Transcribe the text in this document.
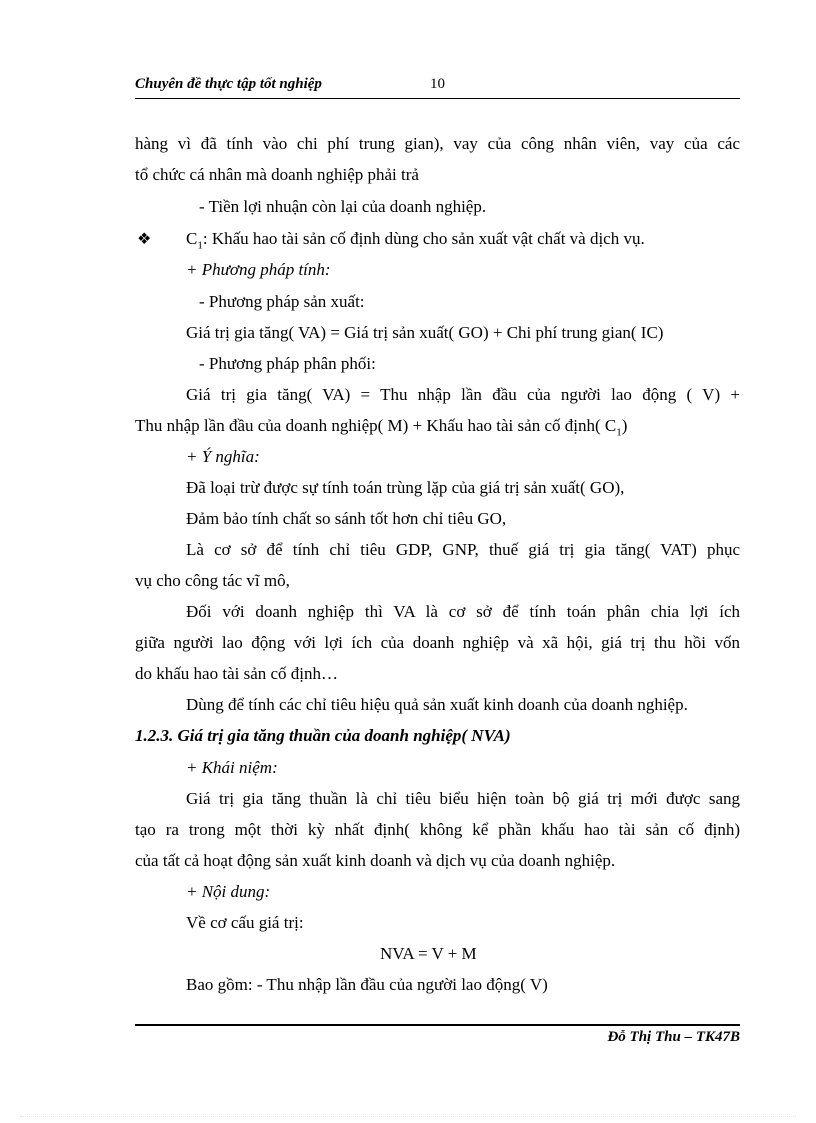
Chuyên đề thực tập tốt nghiệp	10
hàng vì đã tính vào chi phí trung gian), vay của công nhân viên, vay của các
tổ chức cá nhân mà doanh nghiệp phải trả
- Tiền lợi nhuận còn lại của doanh nghiệp.
❖ $C_1$: Khấu hao tài sản cố định dùng cho sản xuất vật chất và dịch vụ.
+ Phương pháp tính:
- Phương pháp sản xuất:
Giá trị gia tăng( VA) = Giá trị sản xuất( GO) + Chi phí trung gian( IC)
- Phương pháp phân phối:
Giá trị gia tăng( VA) = Thu nhập lần đầu của người lao động ( V) +
Thu nhập lần đầu của doanh nghiệp( M) + Khấu hao tài sản cố định( $C_1$)
+ Ý nghĩa:
Đã loại trừ được sự tính toán trùng lặp của giá trị sản xuất( GO),
Đảm bảo tính chất so sánh tốt hơn chỉ tiêu GO,
Là cơ sở để tính chỉ tiêu GDP, GNP, thuế giá trị gia tăng( VAT) phục
vụ cho công tác vĩ mô,
Đối với doanh nghiệp thì VA là cơ sở để tính toán phân chia lợi ích
giữa người lao động với lợi ích của doanh nghiệp và xã hội, giá trị thu hồi vốn
do khấu hao tài sản cố định…
Dùng để tính các chỉ tiêu hiệu quả sản xuất kinh doanh của doanh nghiệp.
1.2.3. Giá trị gia tăng thuần của doanh nghiệp( NVA)
+ Khái niệm:
Giá trị gia tăng thuần là chỉ tiêu biểu hiện toàn bộ giá trị mới được sang
tạo ra trong một thời kỳ nhất định( không kể phần khấu hao tài sản cố định)
của tất cả hoạt động sản xuất kinh doanh và dịch vụ của doanh nghiệp.
+ Nội dung:
Về cơ cấu giá trị:
NVA = V + M
Bao gồm: - Thu nhập lần đầu của người lao động( V)
Đỗ Thị Thu – TK47B
